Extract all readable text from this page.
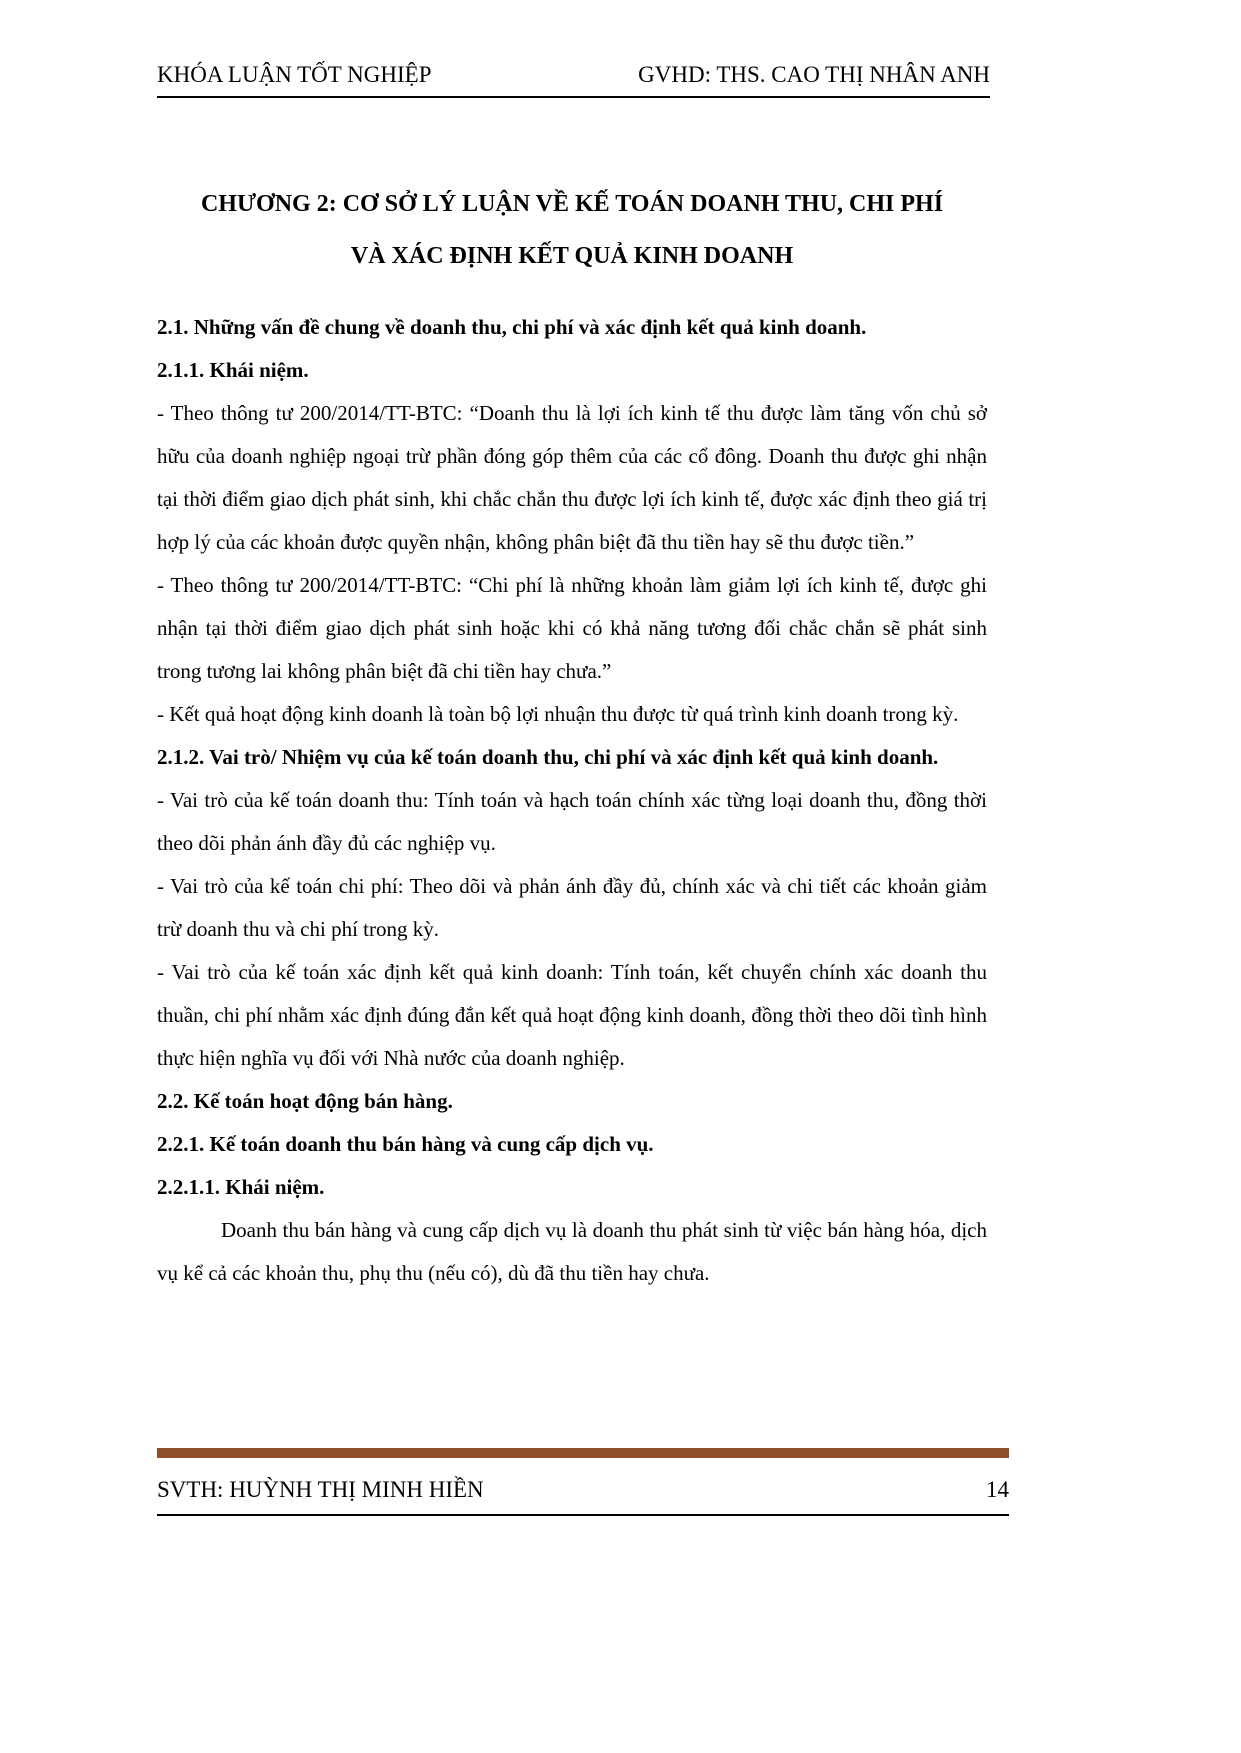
KHÓA LUẬN TỐT NGHIỆP	GVHD: THS. CAO THỊ NHÂN ANH
CHƯƠNG 2: CƠ SỞ LÝ LUẬN VỀ KẾ TOÁN DOANH THU, CHI PHÍ
VÀ XÁC ĐỊNH KẾT QUẢ KINH DOANH

2.1. Những vấn đề chung về doanh thu, chi phí và xác định kết quả kinh doanh.

2.1.1. Khái niệm.

- Theo thông tư 200/2014/TT-BTC: “Doanh thu là lợi ích kinh tế thu được làm tăng vốn chủ sở hữu của doanh nghiệp ngoại trừ phần đóng góp thêm của các cổ đông. Doanh thu được ghi nhận tại thời điểm giao dịch phát sinh, khi chắc chắn thu được lợi ích kinh tế, được xác định theo giá trị hợp lý của các khoản được quyền nhận, không phân biệt đã thu tiền hay sẽ thu được tiền.”

- Theo thông tư 200/2014/TT-BTC: “Chi phí là những khoản làm giảm lợi ích kinh tế, được ghi nhận tại thời điểm giao dịch phát sinh hoặc khi có khả năng tương đối chắc chắn sẽ phát sinh trong tương lai không phân biệt đã chi tiền hay chưa.”

- Kết quả hoạt động kinh doanh là toàn bộ lợi nhuận thu được từ quá trình kinh doanh trong kỳ.

2.1.2. Vai trò/ Nhiệm vụ của kế toán doanh thu, chi phí và xác định kết quả kinh doanh.

- Vai trò của kế toán doanh thu: Tính toán và hạch toán chính xác từng loại doanh thu, đồng thời theo dõi phản ánh đầy đủ các nghiệp vụ.

- Vai trò của kế toán chi phí: Theo dõi và phản ánh đầy đủ, chính xác và chi tiết các khoản giảm trừ doanh thu và chi phí trong kỳ.

- Vai trò của kế toán xác định kết quả kinh doanh: Tính toán, kết chuyển chính xác doanh thu thuần, chi phí nhằm xác định đúng đắn kết quả hoạt động kinh doanh, đồng thời theo dõi tình hình thực hiện nghĩa vụ đối với Nhà nước của doanh nghiệp.

2.2. Kế toán hoạt động bán hàng.

2.2.1. Kế toán doanh thu bán hàng và cung cấp dịch vụ.

2.2.1.1. Khái niệm.

Doanh thu bán hàng và cung cấp dịch vụ là doanh thu phát sinh từ việc bán hàng hóa, dịch vụ kể cả các khoản thu, phụ thu (nếu có), dù đã thu tiền hay chưa.

SVTH: HUỲNH THỊ MINH HIỀN	14
